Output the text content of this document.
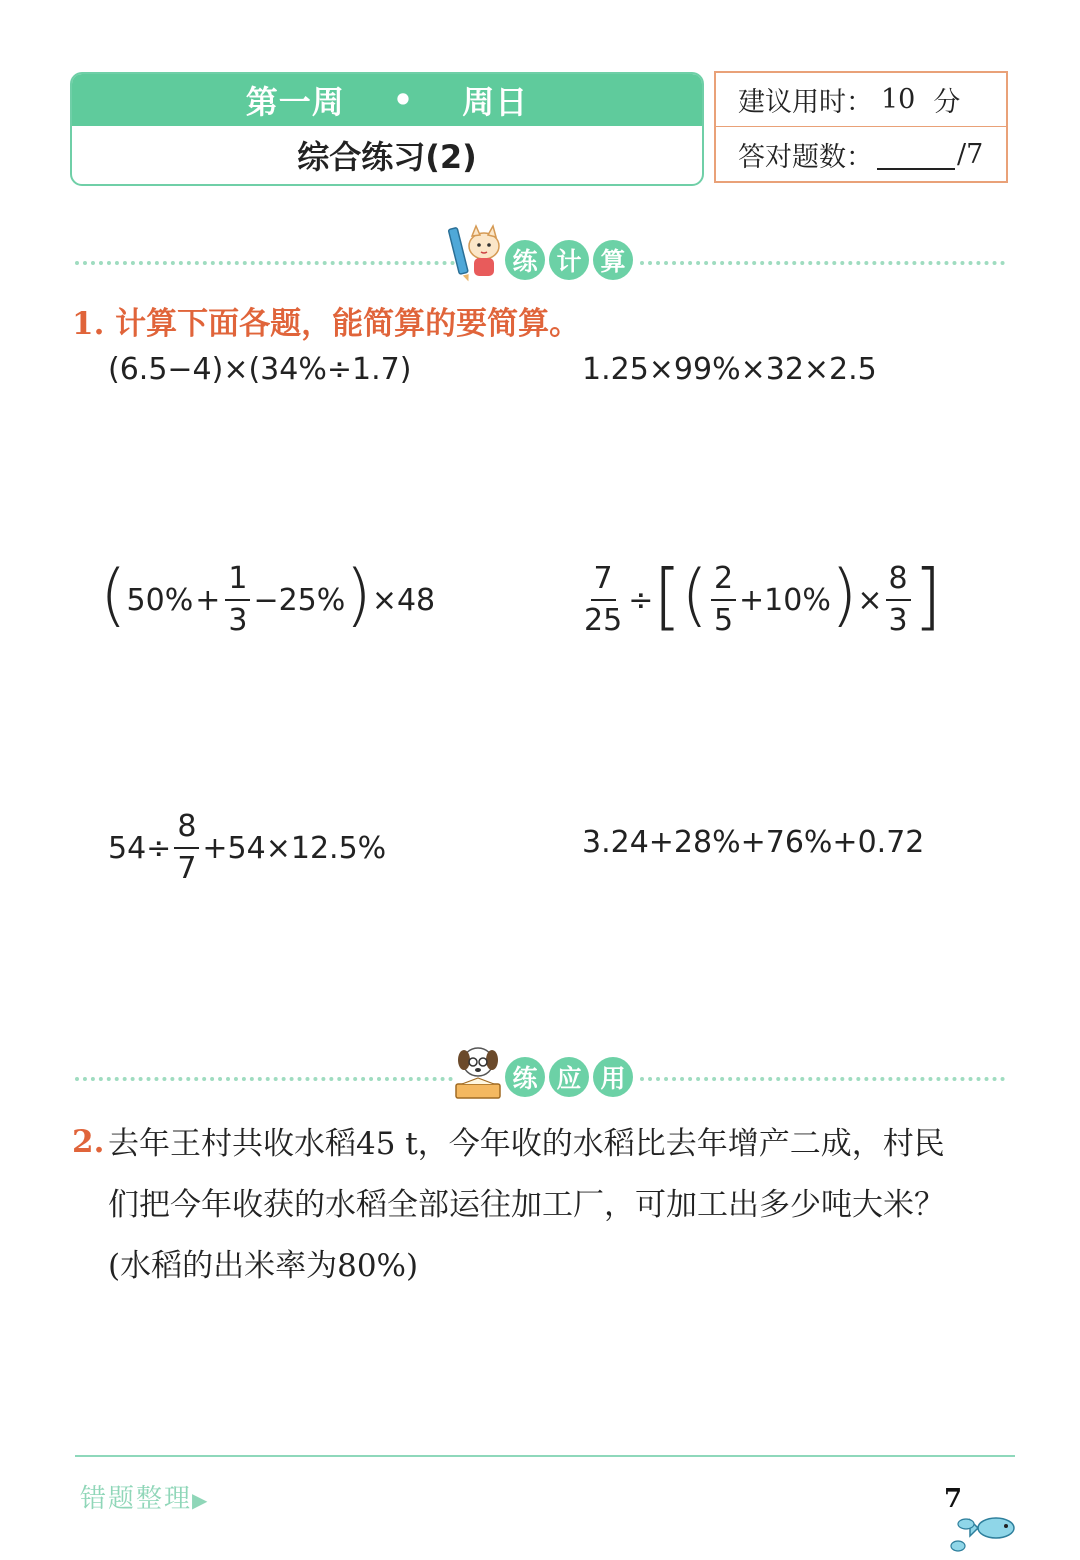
第一周 • 周日
综合练习(2)
建议用时： 10 分
答对题数：	/7
练 计 算
1. 计算下面各题，能简算的要简算。
(6.5−4)×(34%÷1.7)	1.25×99%×32×2.5
( $50\% + \frac{1}{3} -25\%$ ) ×48	$\frac{7}{25}$ ÷ [ ( $\frac{2}{5} +10\%$ ) × $\frac{8}{3}$ ]
$54\div \frac{8}{7} +54\times 12.5\%$	3.24+28%+76%+0.72
练 应 用
2. 去年王村共收水稻45 t，今年收的水稻比去年增产二成，村民
们把今年收获的水稻全部运往加工厂，可加工出多少吨大米？
(水稻的出米率为80%)
错题整理▶	7
